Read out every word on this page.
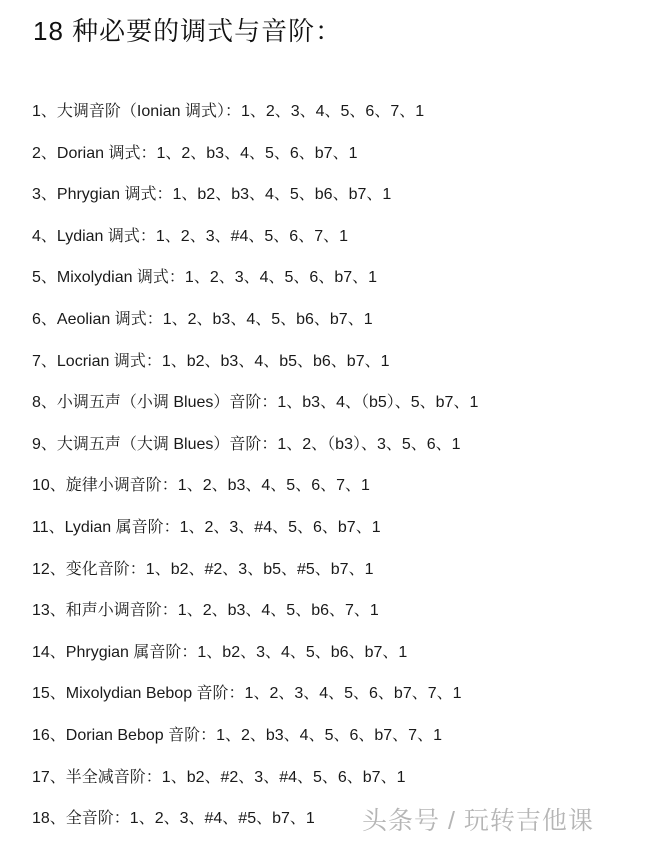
18 种必要的调式与音阶：
1、大调音阶（Ionian 调式）：1、2、3、4、5、6、7、1
2、Dorian 调式：1、2、b3、4、5、6、b7、1
3、Phrygian 调式：1、b2、b3、4、5、b6、b7、1
4、Lydian 调式：1、2、3、#4、5、6、7、1
5、Mixolydian 调式：1、2、3、4、5、6、b7、1
6、Aeolian 调式：1、2、b3、4、5、b6、b7、1
7、Locrian 调式：1、b2、b3、4、b5、b6、b7、1
8、小调五声（小调 Blues）音阶：1、b3、4、（b5）、5、b7、1
9、大调五声（大调 Blues）音阶：1、2、（b3）、3、5、6、1
10、旋律小调音阶：1、2、b3、4、5、6、7、1
11、Lydian 属音阶：1、2、3、#4、5、6、b7、1
12、变化音阶：1、b2、#2、3、b5、#5、b7、1
13、和声小调音阶：1、2、b3、4、5、b6、7、1
14、Phrygian 属音阶：1、b2、3、4、5、b6、b7、1
15、Mixolydian Bebop 音阶：1、2、3、4、5、6、b7、7、1
16、Dorian Bebop 音阶：1、2、b3、4、5、6、b7、7、1
17、半全减音阶：1、b2、#2、3、#4、5、6、b7、1
18、全音阶：1、2、3、#4、#5、b7、1	头条号 / 玩转吉他课
